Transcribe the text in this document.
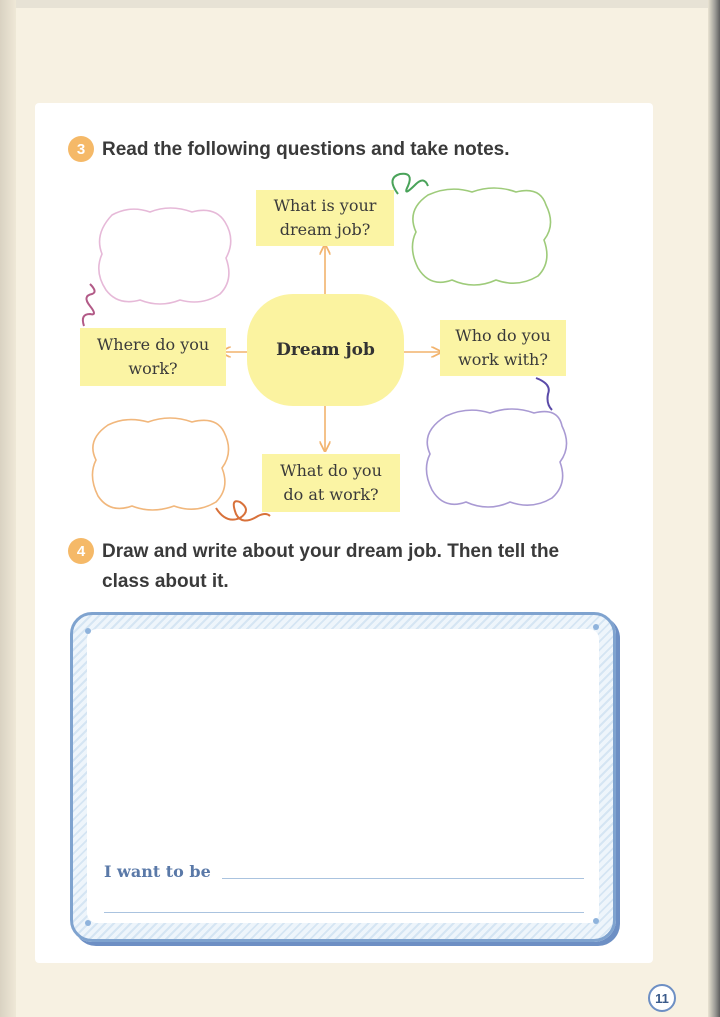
3 Read the following questions and take notes.
Dream job
What is your
dream job?
Where do you
work?
Who do you
work with?
What do you
do at work?
4 Draw and write about your dream job. Then tell the
class about it.
I want to be
11
